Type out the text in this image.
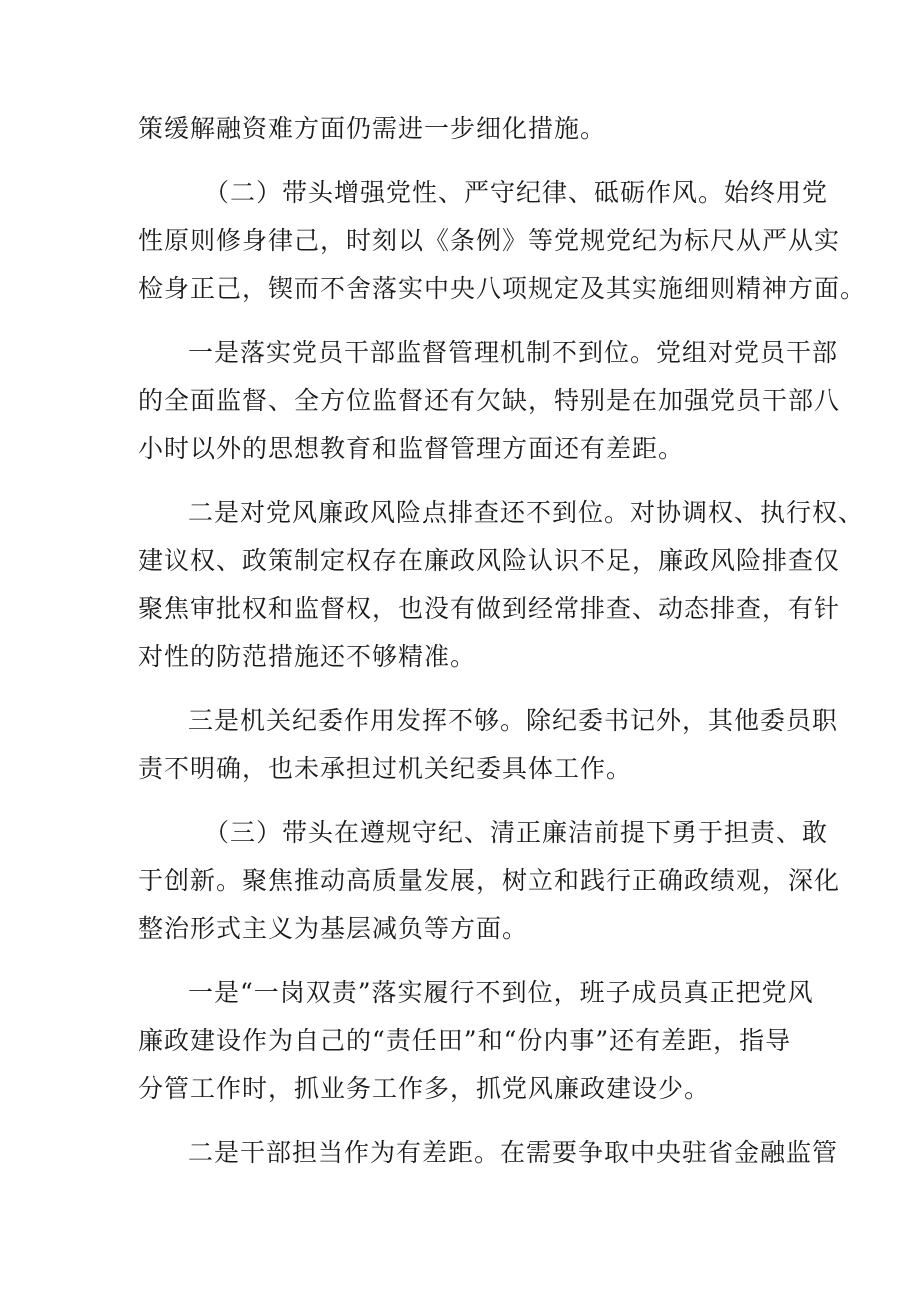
策缓解融资难方面仍需进一步细化措施。
（二）带头增强党性、严守纪律、砥砺作风。始终用党
性原则修身律己，时刻以《条例》等党规党纪为标尺从严从实
检身正己，锲而不舍落实中央八项规定及其实施细则精神方面。
一是落实党员干部监督管理机制不到位。党组对党员干部
的全面监督、全方位监督还有欠缺，特别是在加强党员干部八
小时以外的思想教育和监督管理方面还有差距。
二是对党风廉政风险点排查还不到位。对协调权、执行权、
建议权、政策制定权存在廉政风险认识不足，廉政风险排查仅
聚焦审批权和监督权，也没有做到经常排查、动态排查，有针
对性的防范措施还不够精准。
三是机关纪委作用发挥不够。除纪委书记外，其他委员职
责不明确，也未承担过机关纪委具体工作。
（三）带头在遵规守纪、清正廉洁前提下勇于担责、敢
于创新。聚焦推动高质量发展，树立和践行正确政绩观，深化
整治形式主义为基层减负等方面。
一是“一岗双责”落实履行不到位，班子成员真正把党风
廉政建设作为自己的“责任田”和“份内事”还有差距，指导
分管工作时，抓业务工作多，抓党风廉政建设少。
二是干部担当作为有差距。在需要争取中央驻省金融监管
